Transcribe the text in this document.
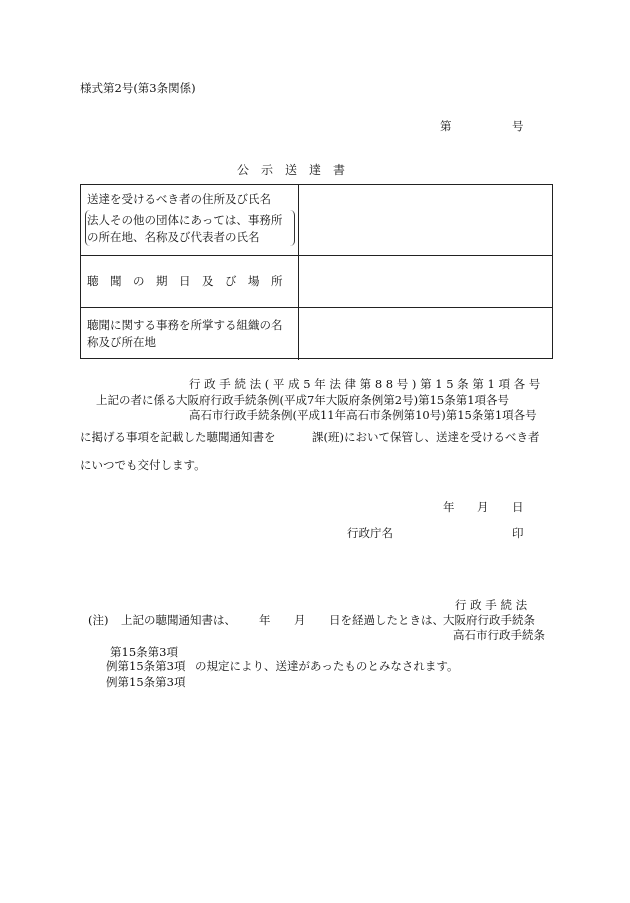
様式第2号(第3条関係)
第	号
公　示　送　達　書
送達を受けるべき者の住所及び氏名
法人その他の団体にあっては、事務所
の所在地、名称及び代表者の氏名
聴　聞　の　期　日　及　び　場　所
聴聞に関する事務を所掌する組織の名
称及び所在地
行 政 手 続 法 ( 平 成 5 年 法 律 第 8 8 号 ) 第 1 5 条 第 1 項 各 号
上記の者に係る 大阪府行政手続条例(平成7年大阪府条例第2号)第15条第1項各号
高石市行政手続条例(平成11年高石市条例第10号)第15条第1項各号
に掲げる事項を記載した聴聞通知書を	課(班)において保管し、送達を受けるべき者
にいつでも交付します。
年 月 日
行政庁名	印
行 政 手 続 法
(注) 上記の聴聞通知書は、 年 月 日を経過したときは、 大阪府行政手続条
高石市行政手続条
第15条第3項
例第15条第3項 の規定により、送達があったものとみなされます。
例第15条第3項
